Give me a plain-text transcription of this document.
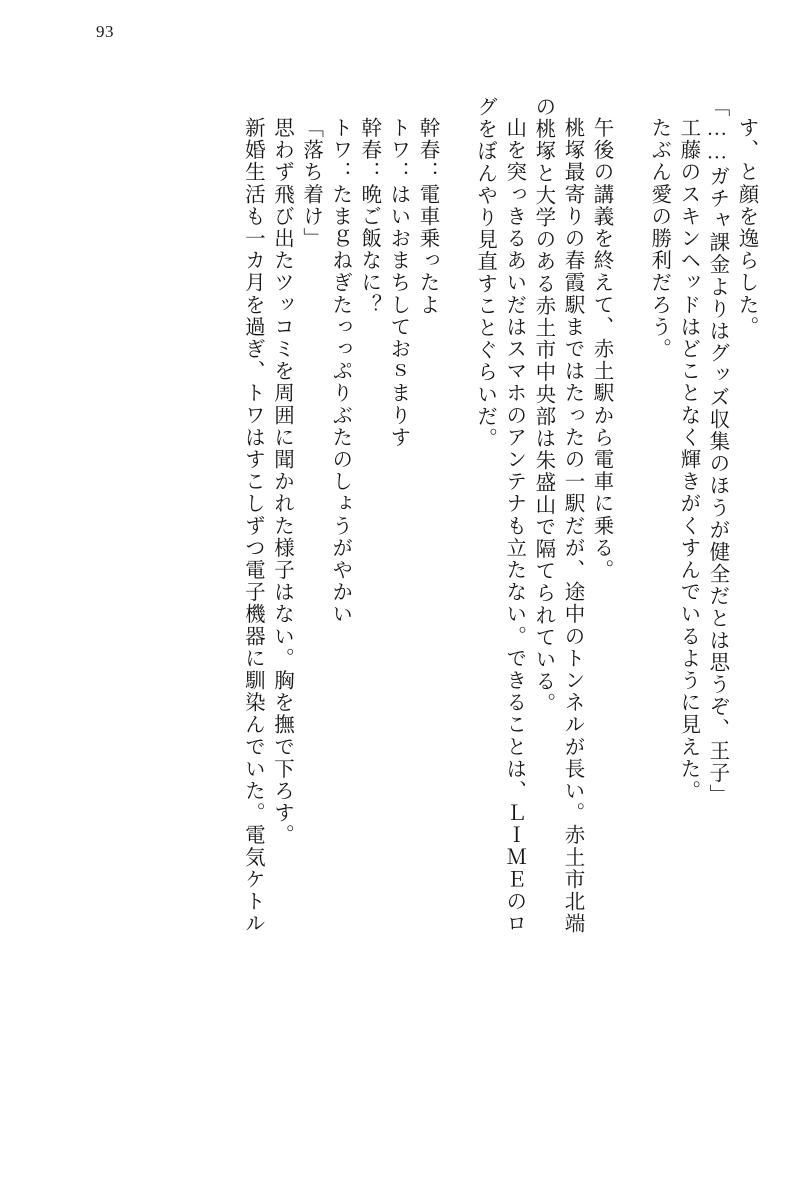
93
す、と顔を逸らした。
「……ガチャ課金よりはグッズ収集のほうが健全だとは思うぞ、王子」
工藤のスキンヘッドはどことなく輝きがくすんでいるように見えた。
たぶん愛の勝利だろう。
午後の講義を終えて、赤土駅から電車に乗る。
桃塚最寄りの春霞駅まではたったの一駅だが、途中のトンネルが長い。赤土市北端
の桃塚と大学のある赤土市中央部は朱盛山で隔てられている。
山を突っきるあいだはスマホのアンテナも立たない。できることは、ＬＩＭＥのロ
グをぼんやり見直すことぐらいだ。
幹春：電車乗ったよ
トワ：はいおまちしておｓまりす
幹春：晩ご飯なに？
トワ：たまｇねぎたっっぷりぶたのしょうがやかい
「落ち着け」
思わず飛び出たツッコミを周囲に聞かれた様子はない。胸を撫で下ろす。
新婚生活も一カ月を過ぎ、トワはすこしずつ電子機器に馴染んでいた。電気ケトル
